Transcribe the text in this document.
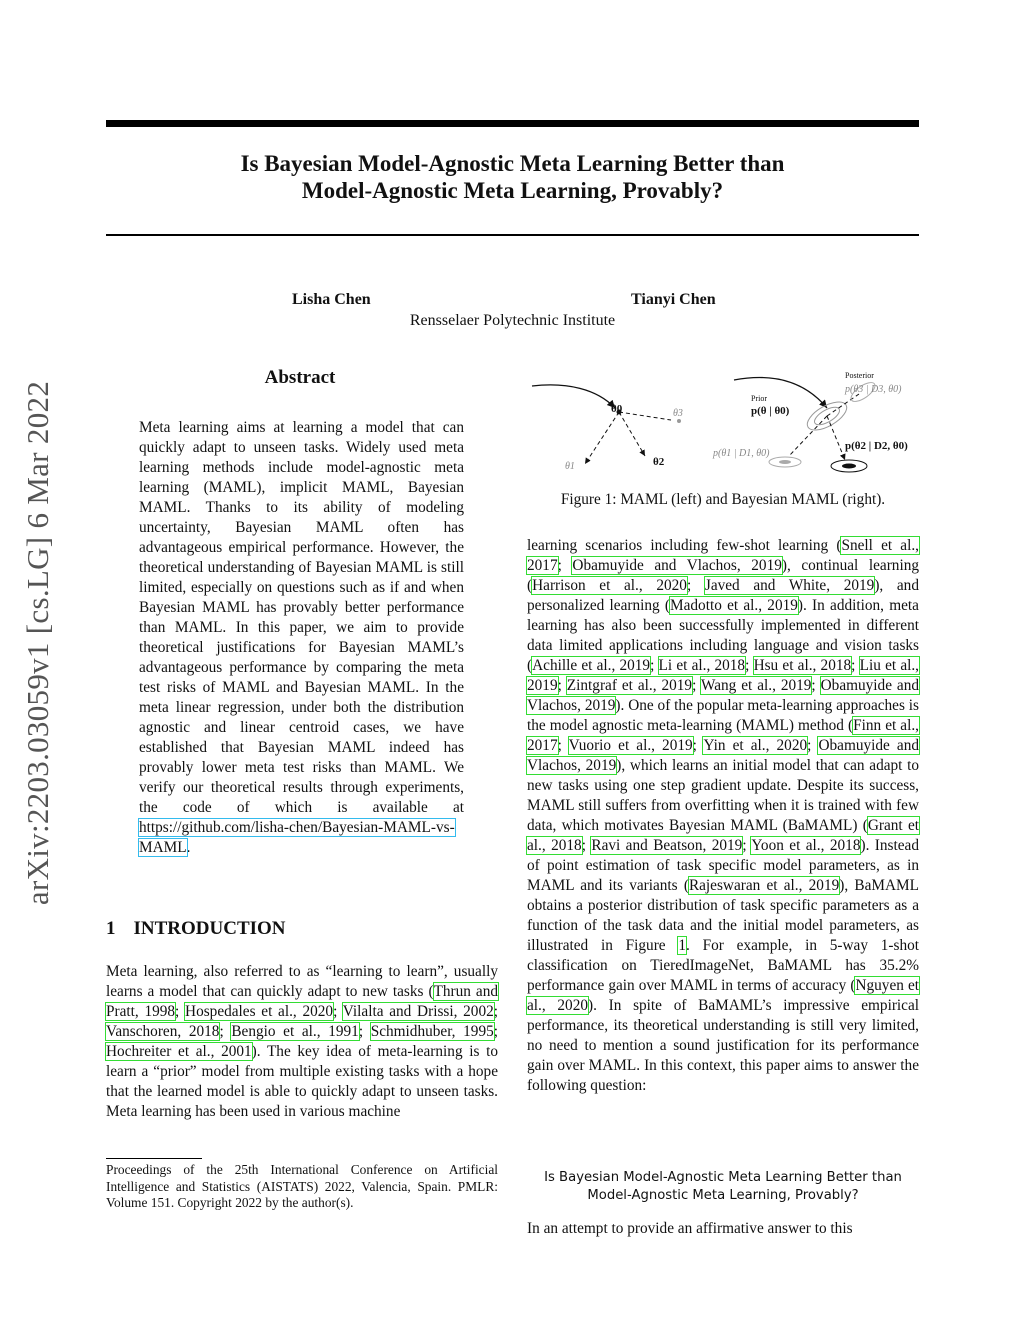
arXiv:2203.03059v1 [cs.LG] 6 Mar 2022
Is Bayesian Model-Agnostic Meta Learning Better than
Model-Agnostic Meta Learning, Provably?
Lisha Chen	Tianyi Chen
Rensselaer Polytechnic Institute
Abstract
Meta learning aims at learning a model that can quickly adapt to unseen tasks. Widely used meta learning methods include model-agnostic meta learning (MAML), implicit MAML, Bayesian MAML. Thanks to its ability of modeling uncertainty, Bayesian MAML often has advantageous empirical performance. However, the theoretical understanding of Bayesian MAML is still limited, especially on questions such as if and when Bayesian MAML has provably better performance than MAML. In this paper, we aim to provide theoretical justifications for Bayesian MAML’s advantageous performance by comparing the meta test risks of MAML and Bayesian MAML. In the meta linear regression, under both the distribution agnostic and linear centroid cases, we have established that Bayesian MAML indeed has provably lower meta test risks than MAML. We verify our theoretical results through experiments, the code of which is available at https://github.com/lisha-chen/Bayesian-MAML-vs-MAML.
1 INTRODUCTION
Meta learning, also referred to as “learning to learn”, usually learns a model that can quickly adapt to new tasks (Thrun and Pratt, 1998; Hospedales et al., 2020; Vilalta and Drissi, 2002; Vanschoren, 2018; Bengio et al., 1991; Schmidhuber, 1995; Hochreiter et al., 2001). The key idea of meta-learning is to learn a “prior” model from multiple existing tasks with a hope that the learned model is able to quickly adapt to unseen tasks. Meta learning has been used in various machine
Proceedings of the 25th International Conference on Artificial Intelligence and Statistics (AISTATS) 2022, Valencia, Spain. PMLR: Volume 151. Copyright 2022 by the author(s).
θ0	θ3
θ1	θ2
Prior
p(θ | θ0)
Posterior
p(θ3 | D3, θ0)
p(θ1 | D1, θ0)
p(θ2 | D2, θ0)
Figure 1: MAML (left) and Bayesian MAML (right).
learning scenarios including few-shot learning (Snell et al., 2017; Obamuyide and Vlachos, 2019), continual learning (Harrison et al., 2020; Javed and White, 2019), and personalized learning (Madotto et al., 2019). In addition, meta learning has also been successfully implemented in different data limited applications including language and vision tasks (Achille et al., 2019; Li et al., 2018; Hsu et al., 2018; Liu et al., 2019; Zintgraf et al., 2019; Wang et al., 2019; Obamuyide and Vlachos, 2019). One of the popular meta-learning approaches is the model agnostic meta-learning (MAML) method (Finn et al., 2017; Vuorio et al., 2019; Yin et al., 2020; Obamuyide and Vlachos, 2019), which learns an initial model that can adapt to new tasks using one step gradient update. Despite its success, MAML still suffers from overfitting when it is trained with few data, which motivates Bayesian MAML (BaMAML) (Grant et al., 2018; Ravi and Beatson, 2019; Yoon et al., 2018). Instead of point estimation of task specific model parameters, as in MAML and its variants (Rajeswaran et al., 2019), BaMAML obtains a posterior distribution of task specific parameters as a function of the task data and the initial model parameters, as illustrated in Figure 1. For example, in 5-way 1-shot classification on TieredImageNet, BaMAML has 35.2% performance gain over MAML in terms of accuracy (Nguyen et al., 2020). In spite of BaMAML’s impressive empirical performance, its theoretical understanding is still very limited, no need to mention a sound justification for its performance gain over MAML. In this context, this paper aims to answer the following question:
Is Bayesian Model-Agnostic Meta Learning Better than
Model-Agnostic Meta Learning, Provably?
In an attempt to provide an affirmative answer to this
